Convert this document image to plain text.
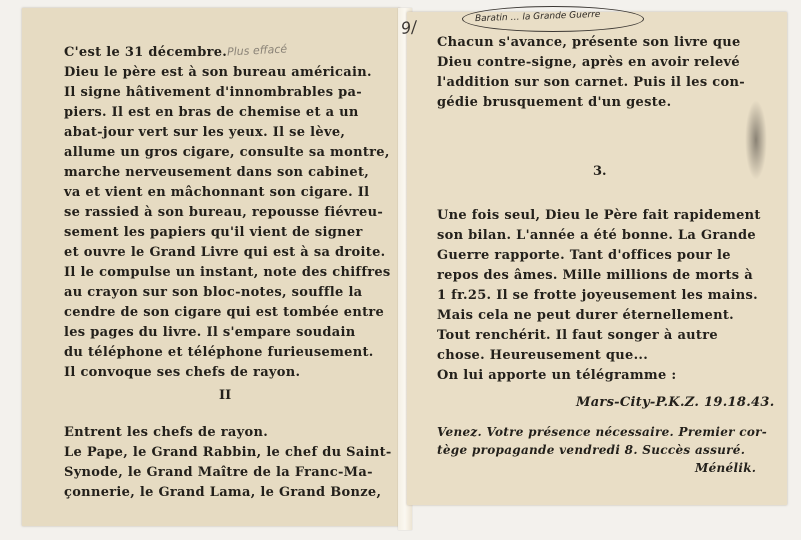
Plus effacé
C'est le 31 décembre.
Dieu le père est à son bureau américain.
Il signe hâtivement d'innombrables pa-
piers. Il est en bras de chemise et a un
abat-jour vert sur les yeux. Il se lève,
allume un gros cigare, consulte sa montre,
marche nerveusement dans son cabinet,
va et vient en mâchonnant son cigare. Il
se rassied à son bureau, repousse fiévreu-
sement les papiers qu'il vient de signer
et ouvre le Grand Livre qui est à sa droite.
Il le compulse un instant, note des chiffres
au crayon sur son bloc-notes, souffle la
cendre de son cigare qui est tombée entre
les pages du livre. Il s'empare soudain
du téléphone et téléphone furieusement.
Il convoque ses chefs de rayon.
II
Entrent les chefs de rayon.
Le Pape, le Grand Rabbin, le chef du Saint-
Synode, le Grand Maître de la Franc-Ma-
çonnerie, le Grand Lama, le Grand Bonze,
9/
Baratin … la Grande Guerre
Chacun s'avance, présente son livre que
Dieu contre-signe, après en avoir relevé
l'addition sur son carnet. Puis il les con-
gédie brusquement d'un geste.
3.
Une fois seul, Dieu le Père fait rapidement
son bilan. L'année a été bonne. La Grande
Guerre rapporte. Tant d'offices pour le
repos des âmes. Mille millions de morts à
1 fr.25. Il se frotte joyeusement les mains.
Mais cela ne peut durer éternellement.
Tout renchérit. Il faut songer à autre
chose. Heureusement que...
On lui apporte un télégramme :
Mars-City-P.K.Z. 19.18.43.
Venez. Votre présence nécessaire. Premier cor-
tège propagande vendredi 8. Succès assuré.
Ménélik.
